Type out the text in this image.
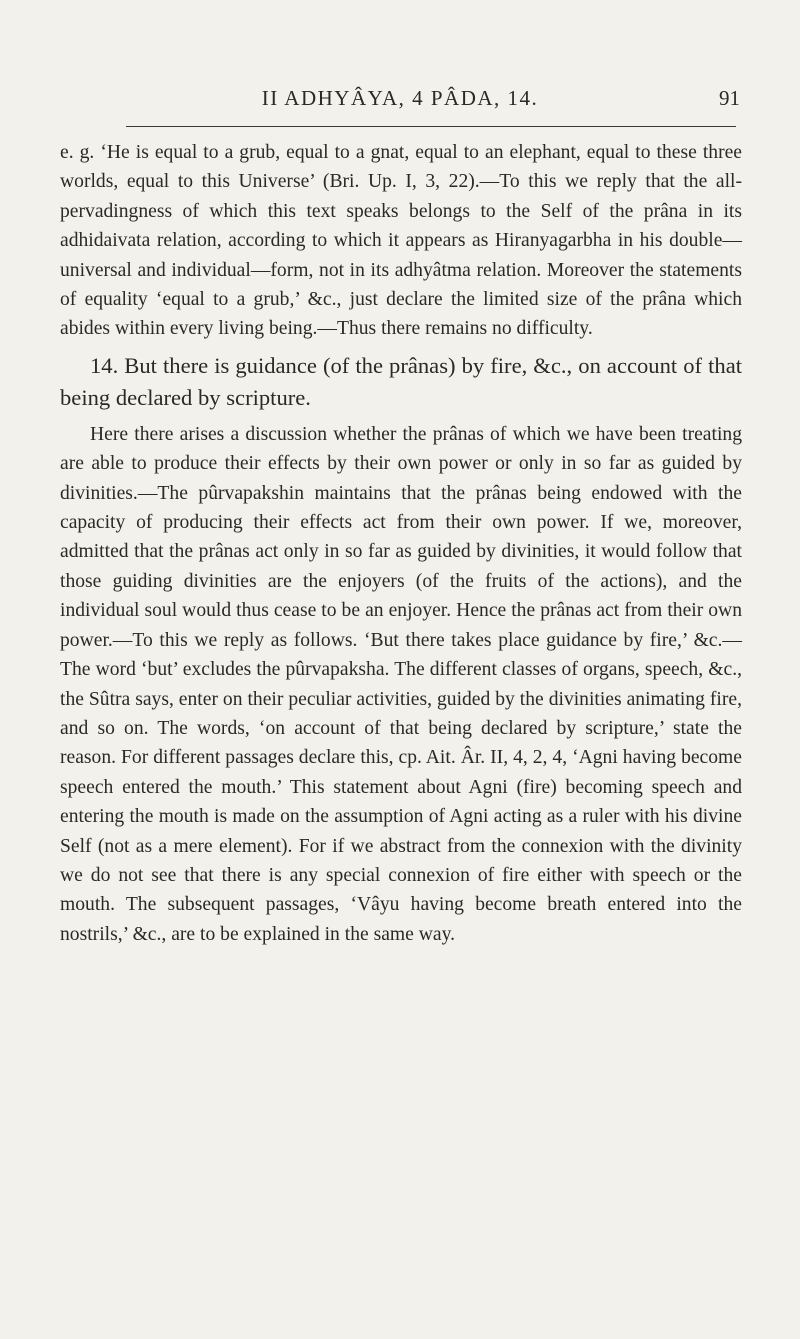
II ADHYÂYA, 4 PÂDA, 14.	91

e. g. ‘He is equal to a grub, equal to a gnat, equal to an elephant, equal to these three worlds, equal to this Universe’ (Bri. Up. I, 3, 22).—To this we reply that the all-pervadingness of which this text speaks belongs to the Self of the prâna in its adhidaivata relation, according to which it appears as Hiranyagarbha in his double—universal and individual—form, not in its adhyâtma relation. Moreover the statements of equality ‘equal to a grub,’ &c., just declare the limited size of the prâna which abides within every living being.—Thus there remains no difficulty.

14. But there is guidance (of the prânas) by fire, &c., on account of that being declared by scripture.

Here there arises a discussion whether the prânas of which we have been treating are able to produce their effects by their own power or only in so far as guided by divinities.—The pûrvapakshin maintains that the prânas being endowed with the capacity of producing their effects act from their own power. If we, moreover, admitted that the prânas act only in so far as guided by divinities, it would follow that those guiding divinities are the enjoyers (of the fruits of the actions), and the individual soul would thus cease to be an enjoyer. Hence the prânas act from their own power.—To this we reply as follows. ‘But there takes place guidance by fire,’ &c.—The word ‘but’ excludes the pûrvapaksha. The different classes of organs, speech, &c., the Sûtra says, enter on their peculiar activities, guided by the divinities animating fire, and so on. The words, ‘on account of that being declared by scripture,’ state the reason. For different passages declare this, cp. Ait. Âr. II, 4, 2, 4, ‘Agni having become speech entered the mouth.’ This statement about Agni (fire) becoming speech and entering the mouth is made on the assumption of Agni acting as a ruler with his divine Self (not as a mere element). For if we abstract from the connexion with the divinity we do not see that there is any special connexion of fire either with speech or the mouth. The subsequent passages, ‘Vâyu having become breath entered into the nostrils,’ &c., are to be explained in the same way.
